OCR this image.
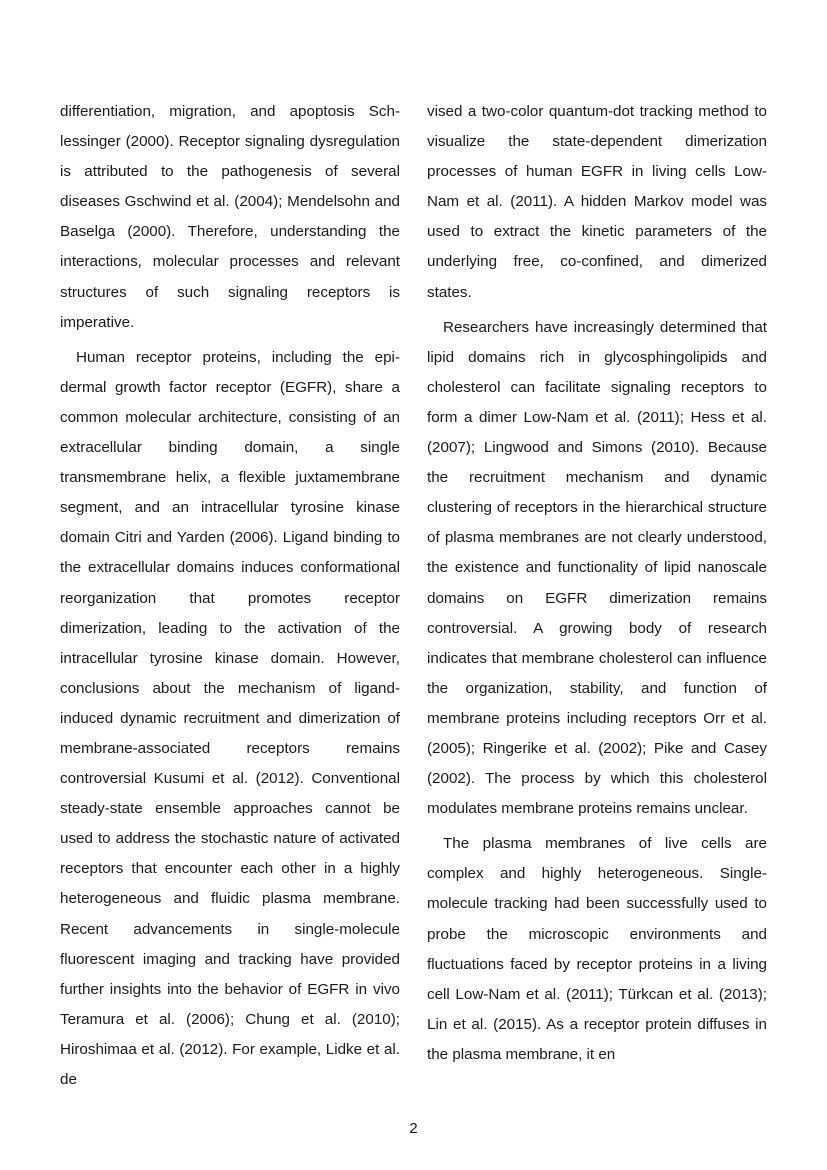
differentiation, migration, and apoptosis Schlessinger (2000). Receptor signaling dysregulation is attributed to the pathogenesis of several diseases Gschwind et al. (2004); Mendelsohn and Baselga (2000). Therefore, understanding the interactions, molecular processes and relevant structures of such signaling receptors is imperative.

Human receptor proteins, including the epidermal growth factor receptor (EGFR), share a common molecular architecture, consisting of an extracellular binding domain, a single transmembrane helix, a flexible juxtamembrane segment, and an intracellular tyrosine kinase domain Citri and Yarden (2006). Ligand binding to the extracellular domains induces conformational reorganization that promotes receptor dimerization, leading to the activation of the intracellular tyrosine kinase domain. However, conclusions about the mechanism of ligand-induced dynamic recruitment and dimerization of membrane-associated receptors remains controversial Kusumi et al. (2012). Conventional steady-state ensemble approaches cannot be used to address the stochastic nature of activated receptors that encounter each other in a highly heterogeneous and fluidic plasma membrane. Recent advancements in single-molecule fluorescent imaging and tracking have provided further insights into the behavior of EGFR in vivo Teramura et al. (2006); Chung et al. (2010); Hiroshimaa et al. (2012). For example, Lidke et al. de

vised a two-color quantum-dot tracking method to visualize the state-dependent dimerization processes of human EGFR in living cells Low-Nam et al. (2011). A hidden Markov model was used to extract the kinetic parameters of the underlying free, co-confined, and dimerized states.

Researchers have increasingly determined that lipid domains rich in glycosphingolipids and cholesterol can facilitate signaling receptors to form a dimer Low-Nam et al. (2011); Hess et al. (2007); Lingwood and Simons (2010). Because the recruitment mechanism and dynamic clustering of receptors in the hierarchical structure of plasma membranes are not clearly understood, the existence and functionality of lipid nanoscale domains on EGFR dimerization remains controversial. A growing body of research indicates that membrane cholesterol can influence the organization, stability, and function of membrane proteins including receptors Orr et al. (2005); Ringerike et al. (2002); Pike and Casey (2002). The process by which this cholesterol modulates membrane proteins remains unclear.

The plasma membranes of live cells are complex and highly heterogeneous. Single-molecule tracking had been successfully used to probe the microscopic environments and fluctuations faced by receptor proteins in a living cell Low-Nam et al. (2011); Türkcan et al. (2013); Lin et al. (2015). As a receptor protein diffuses in the plasma membrane, it en

2
